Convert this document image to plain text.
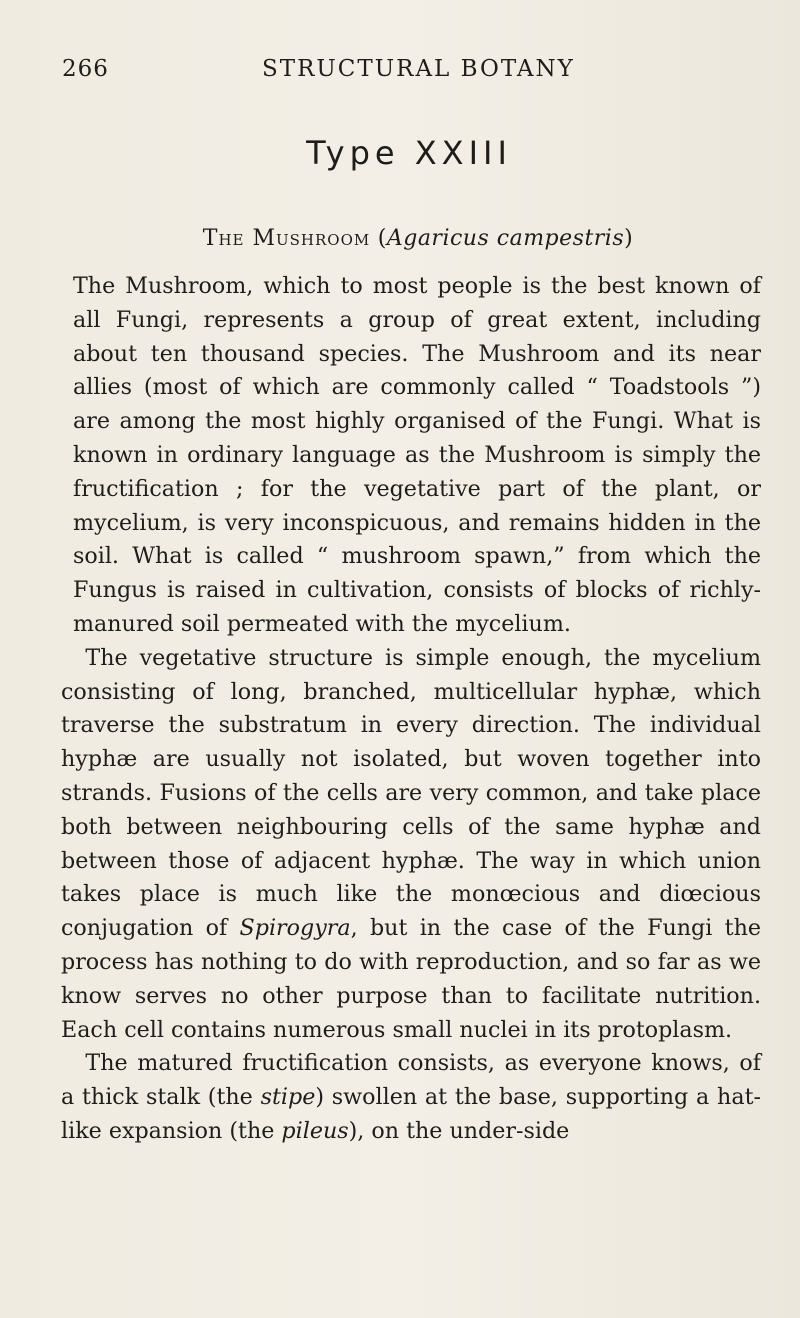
266	STRUCTURAL BOTANY
Type XXIII
The Mushroom (Agaricus campestris)

The Mushroom, which to most people is the best known of all Fungi, represents a group of great extent, including about ten thousand species. The Mushroom and its near allies (most of which are commonly called “ Toadstools ”) are among the most highly organised of the Fungi. What is known in ordinary language as the Mushroom is simply the fructification ; for the vegetative part of the plant, or mycelium, is very inconspicuous, and remains hidden in the soil. What is called “ mushroom spawn,” from which the Fungus is raised in cultivation, consists of blocks of richly-manured soil permeated with the mycelium.

The vegetative structure is simple enough, the mycelium consisting of long, branched, multicellular hyphæ, which traverse the substratum in every direction. The individual hyphæ are usually not isolated, but woven together into strands. Fusions of the cells are very common, and take place both between neighbouring cells of the same hyphæ and between those of adjacent hyphæ. The way in which union takes place is much like the monœcious and diœcious conjugation of Spirogyra, but in the case of the Fungi the process has nothing to do with reproduction, and so far as we know serves no other purpose than to facilitate nutrition. Each cell contains numerous small nuclei in its protoplasm.

The matured fructification consists, as everyone knows, of a thick stalk (the stipe) swollen at the base, supporting a hat-like expansion (the pileus), on the under-side
